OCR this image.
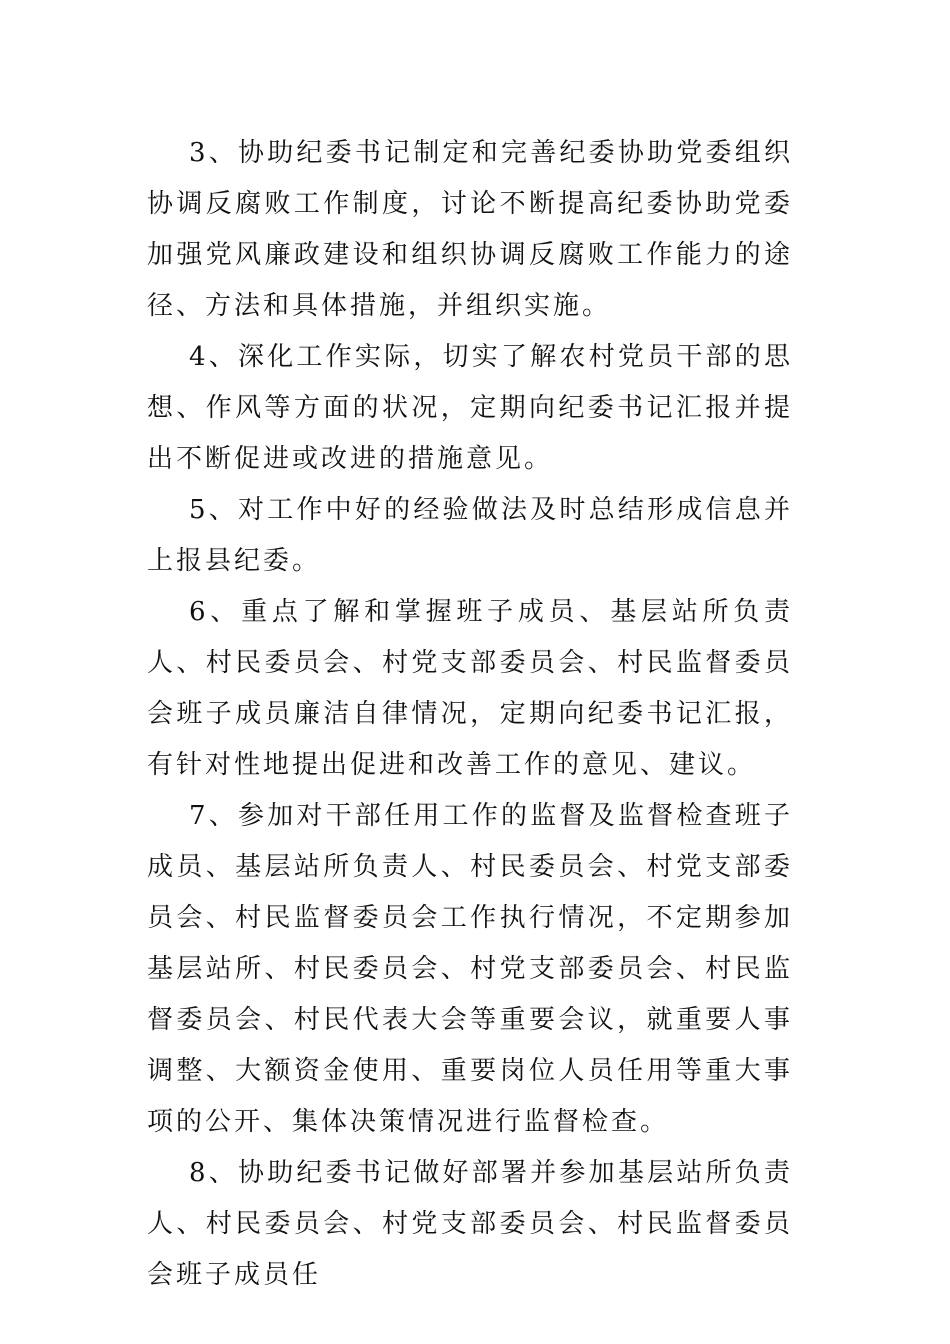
3、协助纪委书记制定和完善纪委协助党委组织协调反腐败工作制度，讨论不断提高纪委协助党委加强党风廉政建设和组织协调反腐败工作能力的途径、方法和具体措施，并组织实施。

4、深化工作实际，切实了解农村党员干部的思想、作风等方面的状况，定期向纪委书记汇报并提出不断促进或改进的措施意见。

5、对工作中好的经验做法及时总结形成信息并上报县纪委。

6、重点了解和掌握班子成员、基层站所负责人、村民委员会、村党支部委员会、村民监督委员会班子成员廉洁自律情况，定期向纪委书记汇报，有针对性地提出促进和改善工作的意见、建议。

7、参加对干部任用工作的监督及监督检查班子成员、基层站所负责人、村民委员会、村党支部委员会、村民监督委员会工作执行情况，不定期参加基层站所、村民委员会、村党支部委员会、村民监督委员会、村民代表大会等重要会议，就重要人事调整、大额资金使用、重要岗位人员任用等重大事项的公开、集体决策情况进行监督检查。

8、协助纪委书记做好部署并参加基层站所负责人、村民委员会、村党支部委员会、村民监督委员会班子成员任
